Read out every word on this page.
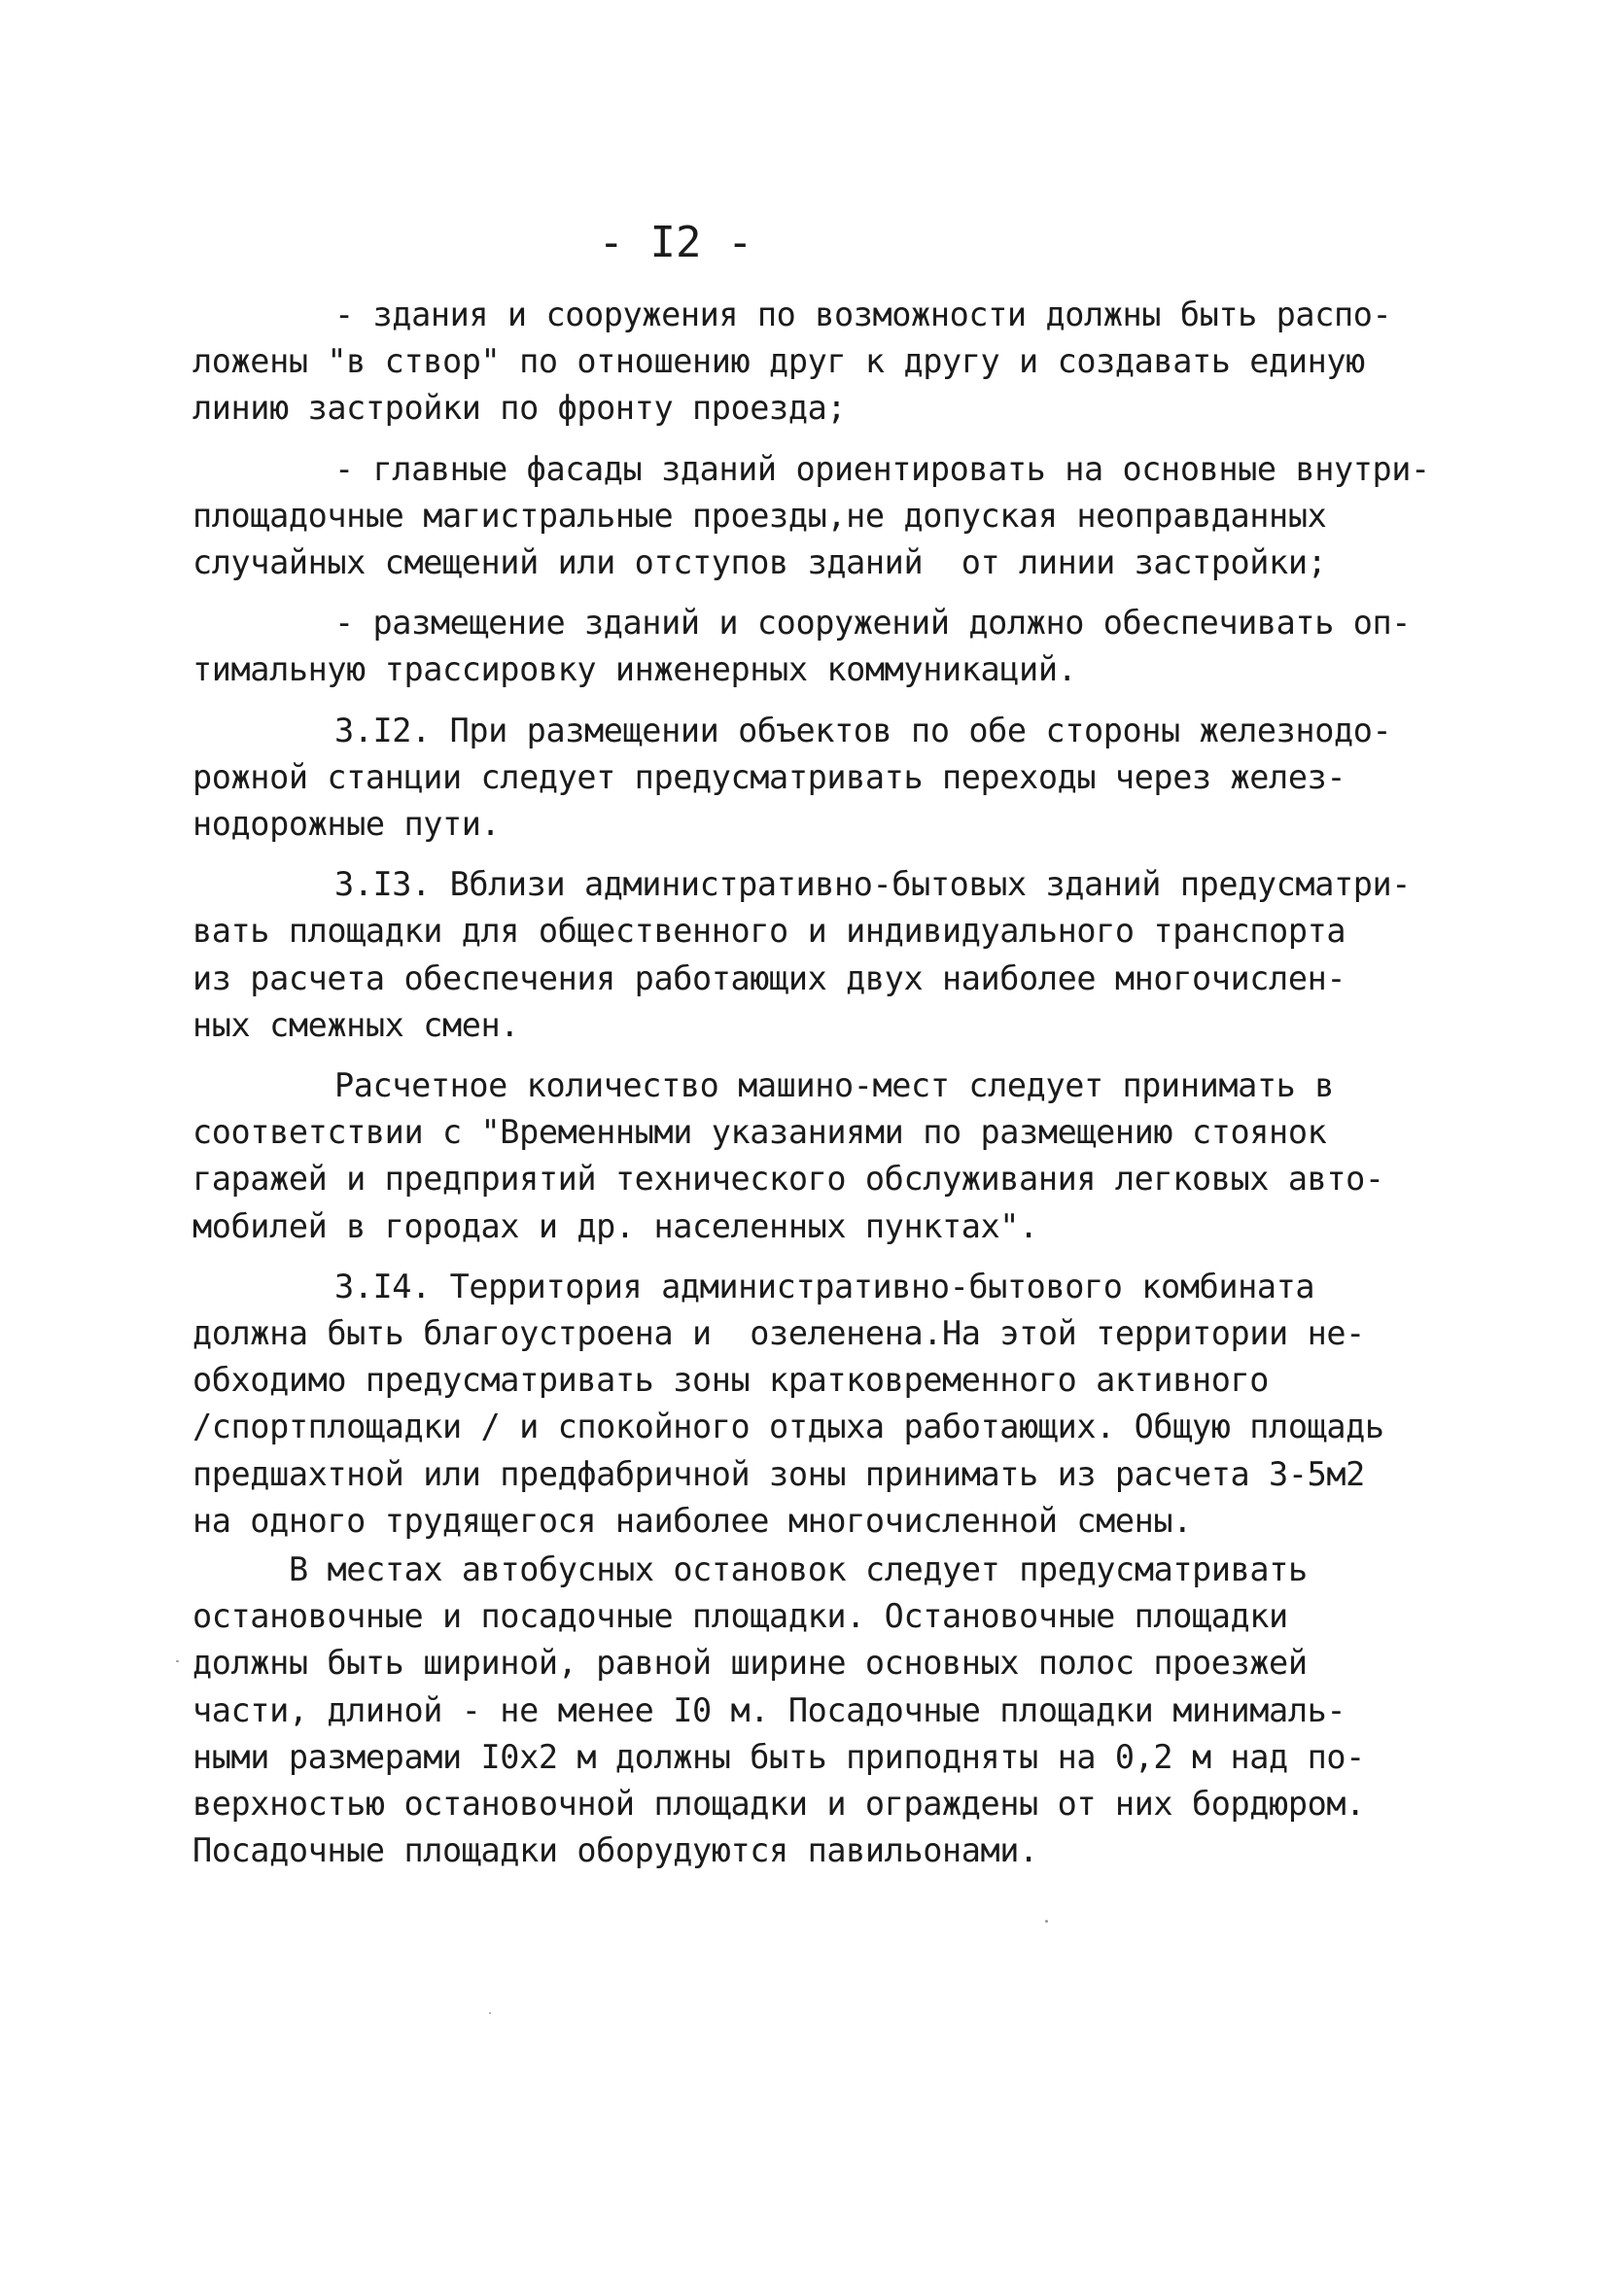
- I2 -
- здания и сооружения по возможности должны быть распо-
ложены "в створ" по отношению друг к другу и создавать единую
линию застройки по фронту проезда;
- главные фасады зданий ориентировать на основные внутри-
площадочные магистральные проезды,не допуская неоправданных
случайных смещений или отступов зданий  от линии застройки;
- размещение зданий и сооружений должно обеспечивать оп-
тимальную трассировку инженерных коммуникаций.
3.I2. При размещении объектов по обе стороны железнодо-
рожной станции следует предусматривать переходы через желез-
нодорожные пути.
3.I3. Вблизи административно-бытовых зданий предусматри-
вать площадки для общественного и индивидуального транспорта
из расчета обеспечения работающих двух наиболее многочислен-
ных смежных смен.
Расчетное количество машино-мест следует принимать в
соответствии с "Временными указаниями по размещению стоянок
гаражей и предприятий технического обслуживания легковых авто-
мобилей в городах и др. населенных пунктах".
3.I4. Территория административно-бытового комбината
должна быть благоустроена и  озеленена.На этой территории не-
обходимо предусматривать зоны кратковременного активного
/спортплощадки / и спокойного отдыха работающих. Общую площадь
предшахтной или предфабричной зоны принимать из расчета 3-5м2
на одного трудящегося наиболее многочисленной смены.
В местах автобусных остановок следует предусматривать
остановочные и посадочные площадки. Остановочные площадки
должны быть шириной, равной ширине основных полос проезжей
части, длиной - не менее I0 м. Посадочные площадки минималь-
ными размерами I0х2 м должны быть приподняты на 0,2 м над по-
верхностью остановочной площадки и ограждены от них бордюром.
Посадочные площадки оборудуются павильонами.
